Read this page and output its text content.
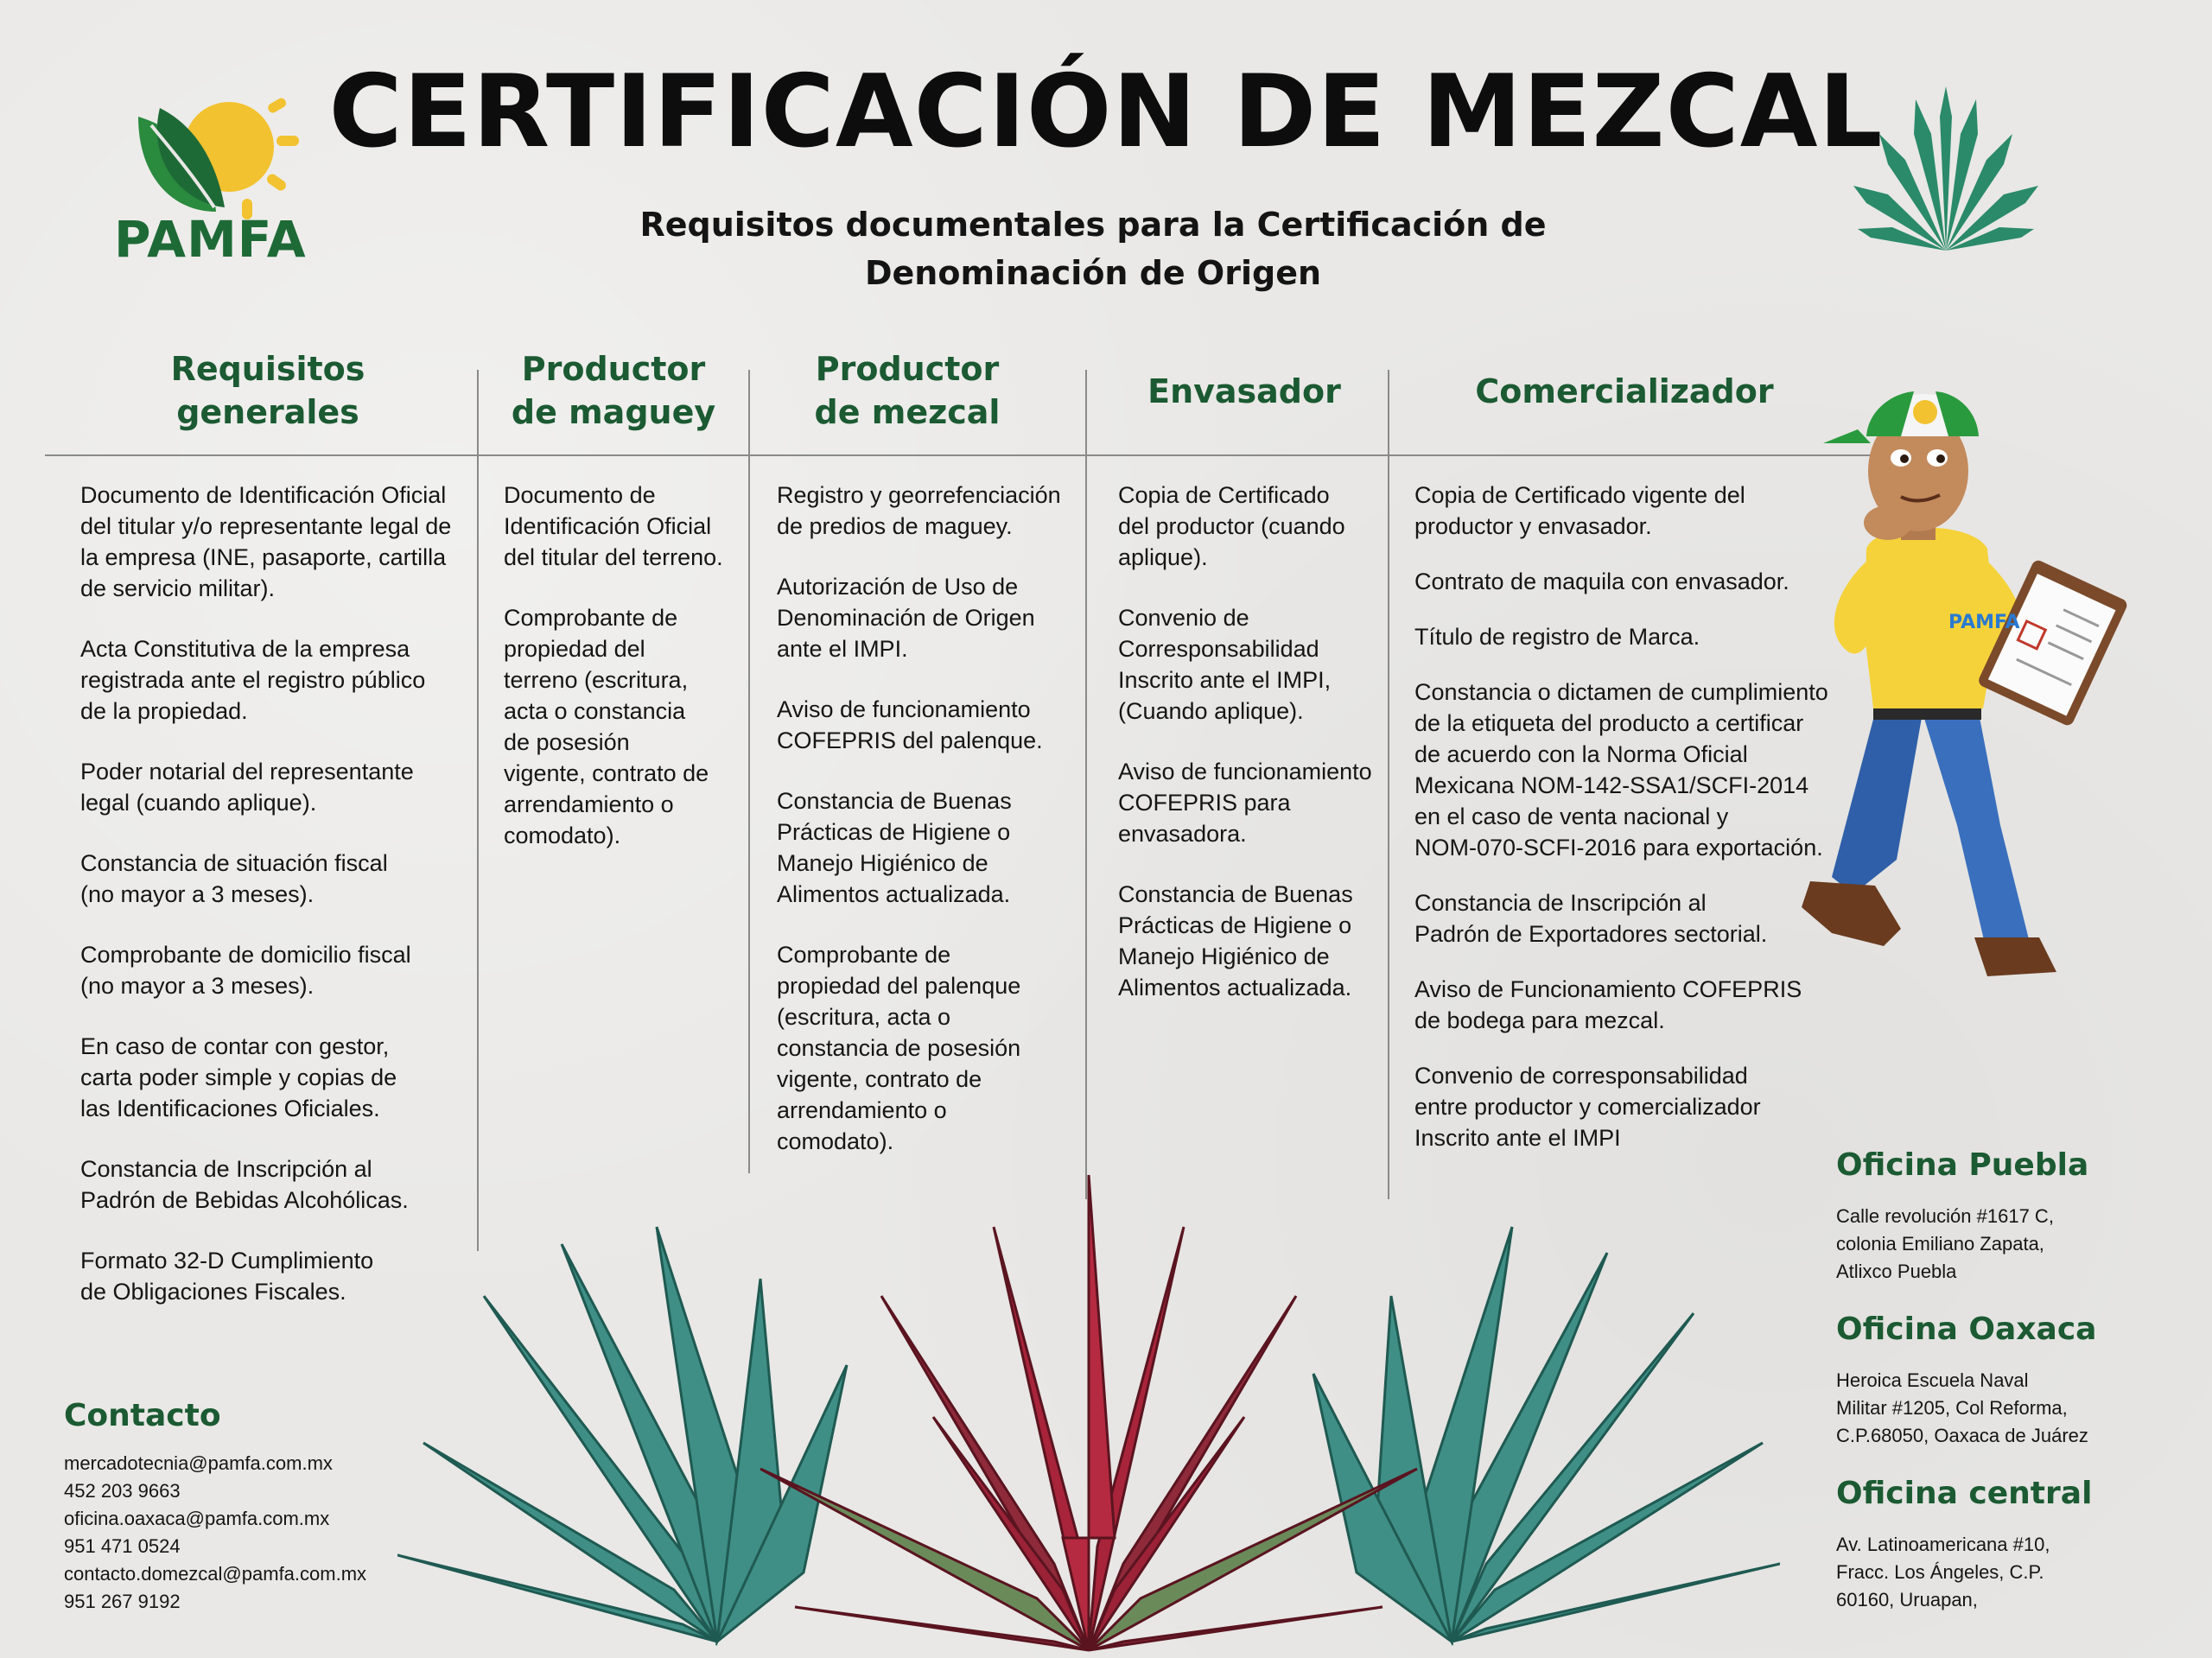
CERTIFICACIÓN DE MEZCAL
Requisitos documentales para la Certificación de
Denominación de Origen
PAMFA
Requisitos
generales
Productor
de maguey
Productor
de mezcal
Envasador	Comercializador

Documento de Identificación Oficial
del titular y/o representante legal de
la empresa (INE, pasaporte, cartilla
de servicio militar).

Acta Constitutiva de la empresa
registrada ante el registro público
de la propiedad.

Poder notarial del representante
legal (cuando aplique).

Constancia de situación fiscal
(no mayor a 3 meses).

Comprobante de domicilio fiscal
(no mayor a 3 meses).

En caso de contar con gestor,
carta poder simple y copias de
las Identificaciones Oficiales.

Constancia de Inscripción al
Padrón de Bebidas Alcohólicas.

Formato 32-D Cumplimiento
de Obligaciones Fiscales.

Documento de
Identificación Oficial
del titular del terreno.

Comprobante de
propiedad del
terreno (escritura,
acta o constancia
de posesión
vigente, contrato de
arrendamiento o
comodato).

Registro y georrefenciación
de predios de maguey.

Autorización de Uso de
Denominación de Origen
ante el IMPI.

Aviso de funcionamiento
COFEPRIS del palenque.

Constancia de Buenas
Prácticas de Higiene o
Manejo Higiénico de
Alimentos actualizada.

Comprobante de
propiedad del palenque
(escritura, acta o
constancia de posesión
vigente, contrato de
arrendamiento o
comodato).

Copia de Certificado
del productor (cuando
aplique).

Convenio de
Corresponsabilidad
Inscrito ante el IMPI,
(Cuando aplique).

Aviso de funcionamiento
COFEPRIS para
envasadora.

Constancia de Buenas
Prácticas de Higiene o
Manejo Higiénico de
Alimentos actualizada.

Copia de Certificado vigente del
productor y envasador.

Contrato de maquila con envasador.

Título de registro de Marca.

Constancia o dictamen de cumplimiento
de la etiqueta del producto a certificar
de acuerdo con la Norma Oficial
Mexicana NOM-142-SSA1/SCFI-2014
en el caso de venta nacional y
NOM-070-SCFI-2016 para exportación.

Constancia de Inscripción al
Padrón de Exportadores sectorial.

Aviso de Funcionamiento COFEPRIS
de bodega para mezcal.

Convenio de corresponsabilidad
entre productor y comercializador
Inscrito ante el IMPI

PAMFA
Contacto
mercadotecnia@pamfa.com.mx
452 203 9663
oficina.oaxaca@pamfa.com.mx
951 471 0524
contacto.domezcal@pamfa.com.mx
951 267 9192
Oficina Puebla
Calle revolución #1617 C,
colonia Emiliano Zapata,
Atlixco Puebla
Oficina Oaxaca
Heroica Escuela Naval
Militar #1205, Col Reforma,
C.P.68050, Oaxaca de Juárez
Oficina central
Av. Latinoamericana #10,
Fracc. Los Ángeles, C.P.
60160, Uruapan,
